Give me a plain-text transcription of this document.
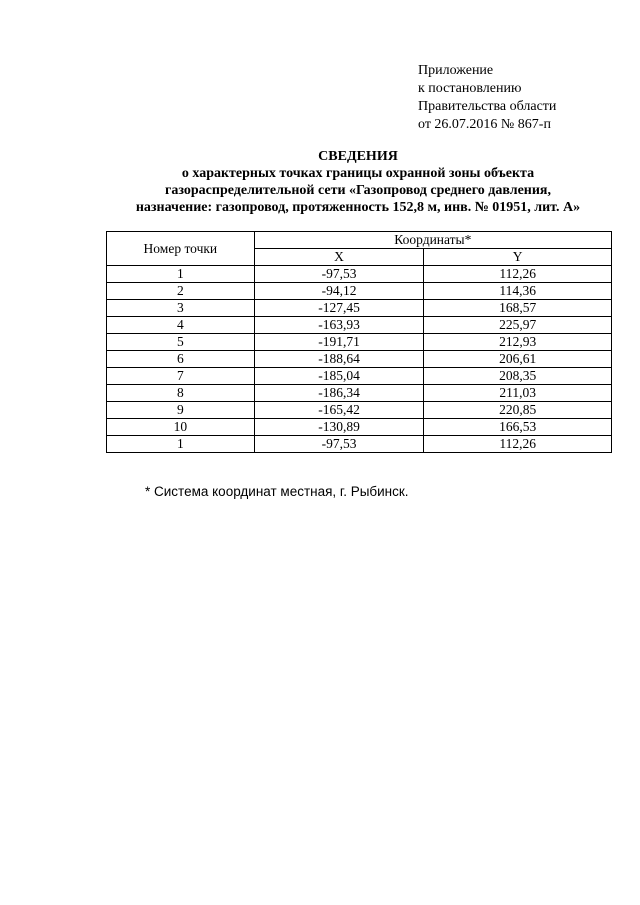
Приложение
к постановлению
Правительства области
от 26.07.2016 № 867-п
СВЕДЕНИЯ
о характерных точках границы охранной зоны объекта
газораспределительной сети «Газопровод среднего давления,
назначение: газопровод, протяженность 152,8 м, инв. № 01951, лит. А»
Номер точки	Координаты*	
	X	Y
1	-97,53	112,26
2	-94,12	114,36
3	-127,45	168,57
4	-163,93	225,97
5	-191,71	212,93
6	-188,64	206,61
7	-185,04	208,35
8	-186,34	211,03
9	-165,42	220,85
10	-130,89	166,53
1	-97,53	112,26
* Система координат местная, г. Рыбинск.
